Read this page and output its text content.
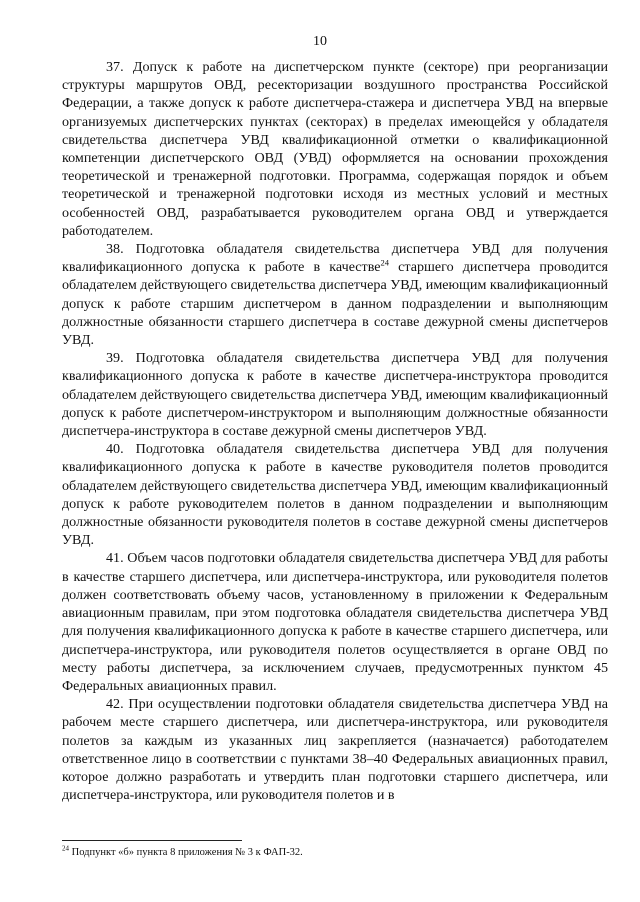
10

37. Допуск к работе на диспетчерском пункте (секторе) при реорганизации структуры маршрутов ОВД, ресекторизации воздушного пространства Российской Федерации, а также допуск к работе диспетчера-стажера и диспетчера УВД на впервые организуемых диспетчерских пунктах (секторах) в пределах имеющейся у обладателя свидетельства диспетчера УВД квалификационной отметки о квалификационной компетенции диспетчерского ОВД (УВД) оформляется на основании прохождения теоретической и тренажерной подготовки. Программа, содержащая порядок и объем теоретической и тренажерной подготовки исходя из местных условий и местных особенностей ОВД, разрабатывается руководителем органа ОВД и утверждается работодателем.

38. Подготовка обладателя свидетельства диспетчера УВД для получения квалификационного допуска к работе в качестве$^{24}$ старшего диспетчера проводится обладателем действующего свидетельства диспетчера УВД, имеющим квалификационный допуск к работе старшим диспетчером в данном подразделении и выполняющим должностные обязанности старшего диспетчера в составе дежурной смены диспетчеров УВД.

39. Подготовка обладателя свидетельства диспетчера УВД для получения квалификационного допуска к работе в качестве диспетчера-инструктора проводится обладателем действующего свидетельства диспетчера УВД, имеющим квалификационный допуск к работе диспетчером-инструктором и выполняющим должностные обязанности диспетчера-инструктора в составе дежурной смены диспетчеров УВД.

40. Подготовка обладателя свидетельства диспетчера УВД для получения квалификационного допуска к работе в качестве руководителя полетов проводится обладателем действующего свидетельства диспетчера УВД, имеющим квалификационный допуск к работе руководителем полетов в данном подразделении и выполняющим должностные обязанности руководителя полетов в составе дежурной смены диспетчеров УВД.

41. Объем часов подготовки обладателя свидетельства диспетчера УВД для работы в качестве старшего диспетчера, или диспетчера-инструктора, или руководителя полетов должен соответствовать объему часов, установленному в приложении к Федеральным авиационным правилам, при этом подготовка обладателя свидетельства диспетчера УВД для получения квалификационного допуска к работе в качестве старшего диспетчера, или диспетчера-инструктора, или руководителя полетов осуществляется в органе ОВД по месту работы диспетчера, за исключением случаев, предусмотренных пунктом 45 Федеральных авиационных правил.

42. При осуществлении подготовки обладателя свидетельства диспетчера УВД на рабочем месте старшего диспетчера, или диспетчера-инструктора, или руководителя полетов за каждым из указанных лиц закрепляется (назначается) работодателем ответственное лицо в соответствии с пунктами 38–40 Федеральных авиационных правил, которое должно разработать и утвердить план подготовки старшего диспетчера, или диспетчера-инструктора, или руководителя полетов и в

$^{24}$ Подпункт «б» пункта 8 приложения № 3 к ФАП-32.
